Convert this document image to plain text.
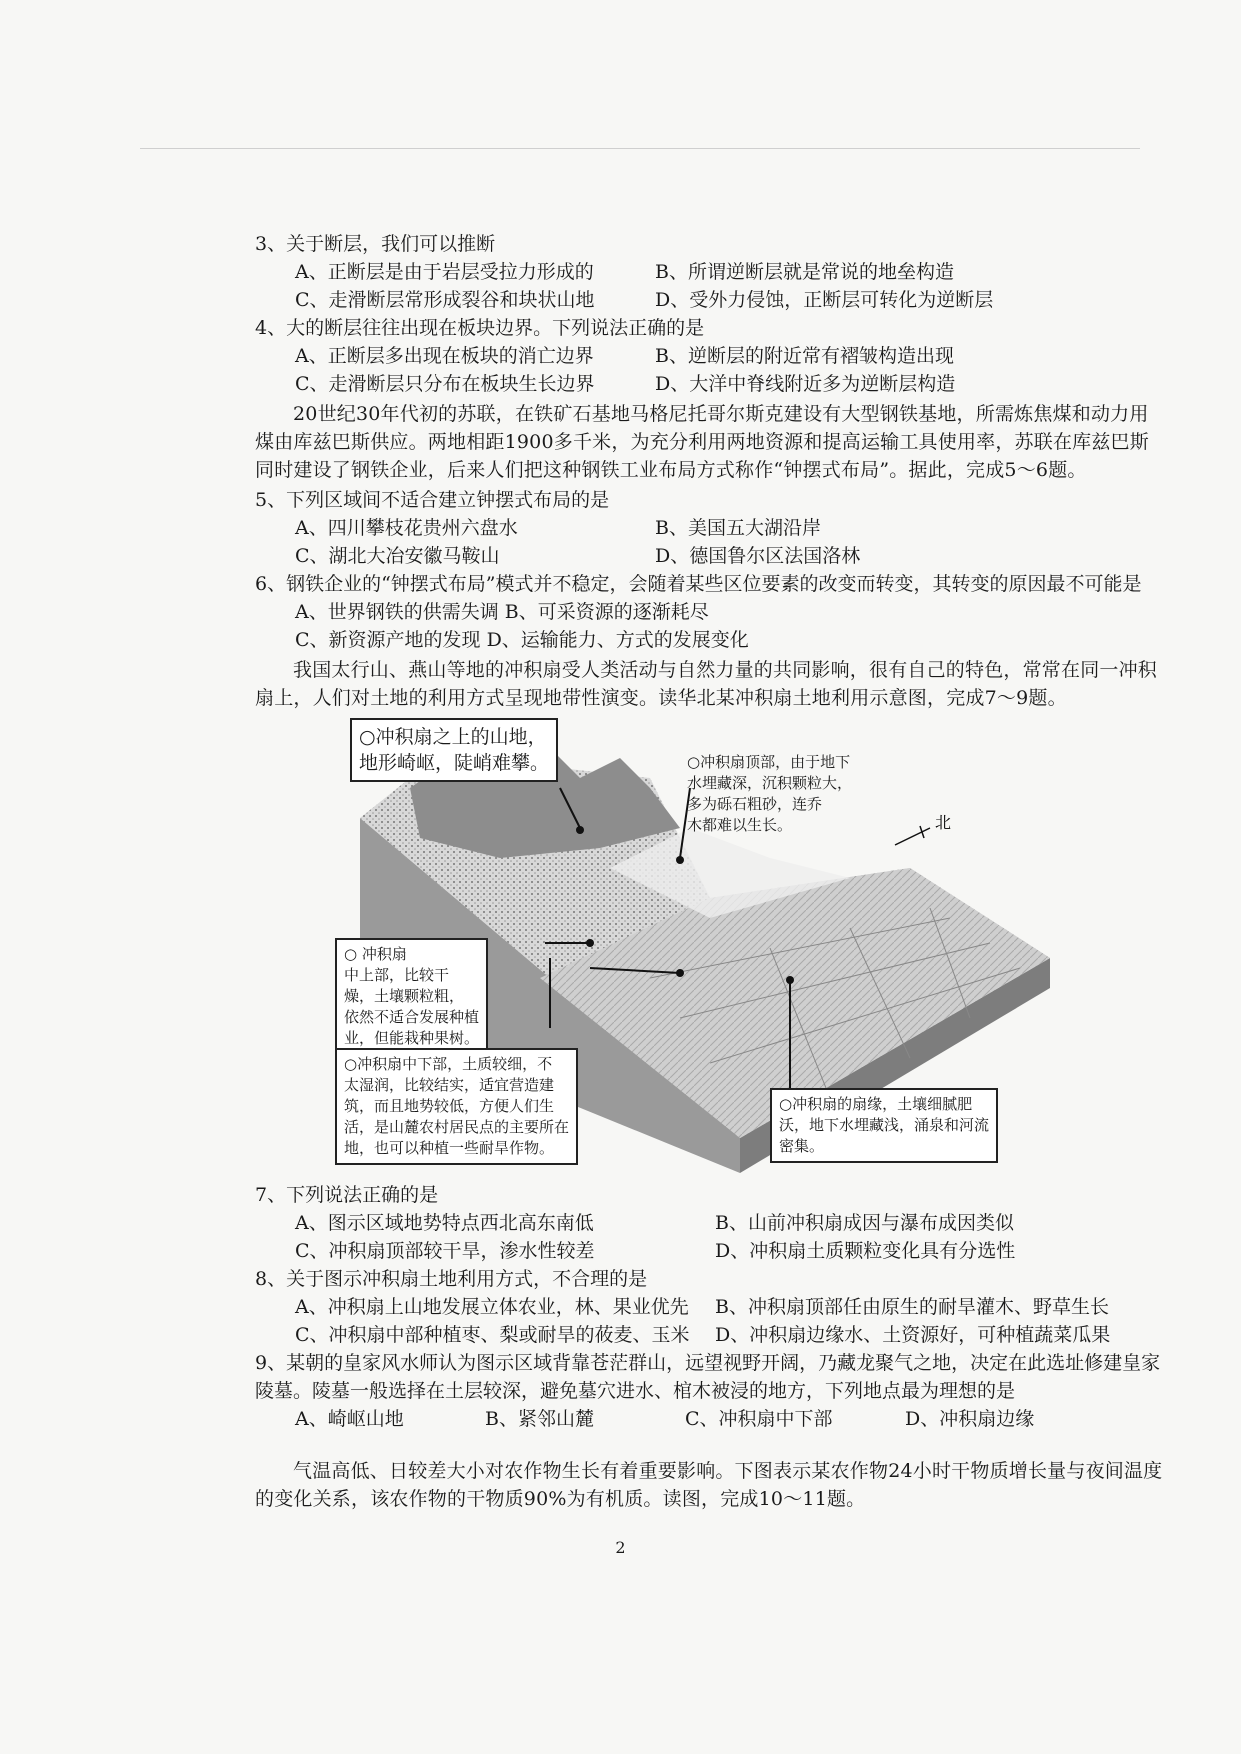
3、关于断层，我们可以推断
A、正断层是由于岩层受拉力形成的	B、所谓逆断层就是常说的地垒构造
C、走滑断层常形成裂谷和块状山地	D、受外力侵蚀，正断层可转化为逆断层
4、大的断层往往出现在板块边界。下列说法正确的是
A、正断层多出现在板块的消亡边界	B、逆断层的附近常有褶皱构造出现
C、走滑断层只分布在板块生长边界	D、大洋中脊线附近多为逆断层构造
20世纪30年代初的苏联，在铁矿石基地马格尼托哥尔斯克建设有大型钢铁基地，所需炼焦煤和动力用煤由库兹巴斯供应。两地相距1900多千米，为充分利用两地资源和提高运输工具使用率，苏联在库兹巴斯同时建设了钢铁企业，后来人们把这种钢铁工业布局方式称作“钟摆式布局”。据此，完成5～6题。
5、下列区域间不适合建立钟摆式布局的是
A、四川攀枝花贵州六盘水	B、美国五大湖沿岸
C、湖北大冶安徽马鞍山	D、德国鲁尔区法国洛林
6、钢铁企业的“钟摆式布局”模式并不稳定，会随着某些区位要素的改变而转变，其转变的原因最不可能是
A、世界钢铁的供需失调 B、可采资源的逐渐耗尽
C、新资源产地的发现 D、运输能力、方式的发展变化
我国太行山、燕山等地的冲积扇受人类活动与自然力量的共同影响，很有自己的特色，常常在同一冲积扇上，人们对土地的利用方式呈现地带性演变。读华北某冲积扇土地利用示意图，完成7～9题。
北
○冲积扇之上的山地，
地形崎岖，陡峭难攀。	○冲积扇顶部，由于地下
水埋藏深，沉积颗粒大，
多为砾石粗砂，连乔
木都难以生长。
○ 冲积扇
中上部，比较干
燥，土壤颗粒粗，
依然不适合发展种植
业，但能栽种果树。
○冲积扇中下部，土质较细，不
太湿润，比较结实，适宜营造建
筑，而且地势较低，方便人们生
活，是山麓农村居民点的主要所在
地，也可以种植一些耐旱作物。
○冲积扇的扇缘，土壤细腻肥
沃，地下水埋藏浅，涌泉和河流
密集。
7、下列说法正确的是
A、图示区域地势特点西北高东南低	B、山前冲积扇成因与瀑布成因类似
C、冲积扇顶部较干旱，渗水性较差	D、冲积扇土质颗粒变化具有分选性
8、关于图示冲积扇土地利用方式，不合理的是
A、冲积扇上山地发展立体农业，林、果业优先	B、冲积扇顶部任由原生的耐旱灌木、野草生长
C、冲积扇中部种植枣、梨或耐旱的莜麦、玉米	D、冲积扇边缘水、土资源好，可种植蔬菜瓜果
9、某朝的皇家风水师认为图示区域背靠苍茫群山，远望视野开阔，乃藏龙聚气之地，决定在此选址修建皇家陵墓。陵墓一般选择在土层较深，避免墓穴进水、棺木被浸的地方，下列地点最为理想的是
A、崎岖山地	B、紧邻山麓	C、冲积扇中下部	D、冲积扇边缘
气温高低、日较差大小对农作物生长有着重要影响。下图表示某农作物24小时干物质增长量与夜间温度的变化关系，该农作物的干物质90%为有机质。读图，完成10～11题。
2
